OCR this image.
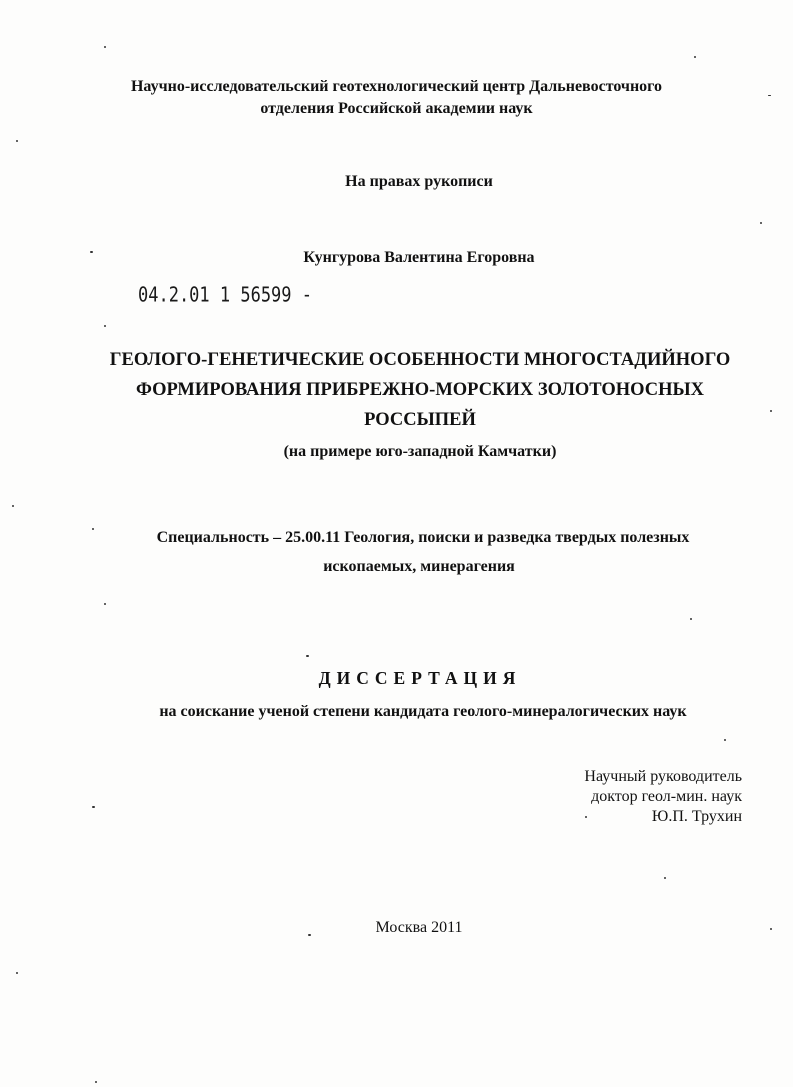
Научно-исследовательский геотехнологический центр Дальневосточного
отделения Российской академии наук
На правах рукописи
Кунгурова Валентина Егоровна
04.2.01 1 56599 -
ГЕОЛОГО-ГЕНЕТИЧЕСКИЕ ОСОБЕННОСТИ МНОГОСТАДИЙНОГО
ФОРМИРОВАНИЯ ПРИБРЕЖНО-МОРСКИХ ЗОЛОТОНОСНЫХ
РОССЫПЕЙ
(на примере юго-западной Камчатки)
Специальность – 25.00.11 Геология, поиски и разведка твердых полезных
ископаемых, минерагения
ДИССЕРТАЦИЯ
на соискание ученой степени кандидата геолого-минералогических наук
Научный руководитель
доктор геол-мин. наук
Ю.П. Трухин
Москва 2011
